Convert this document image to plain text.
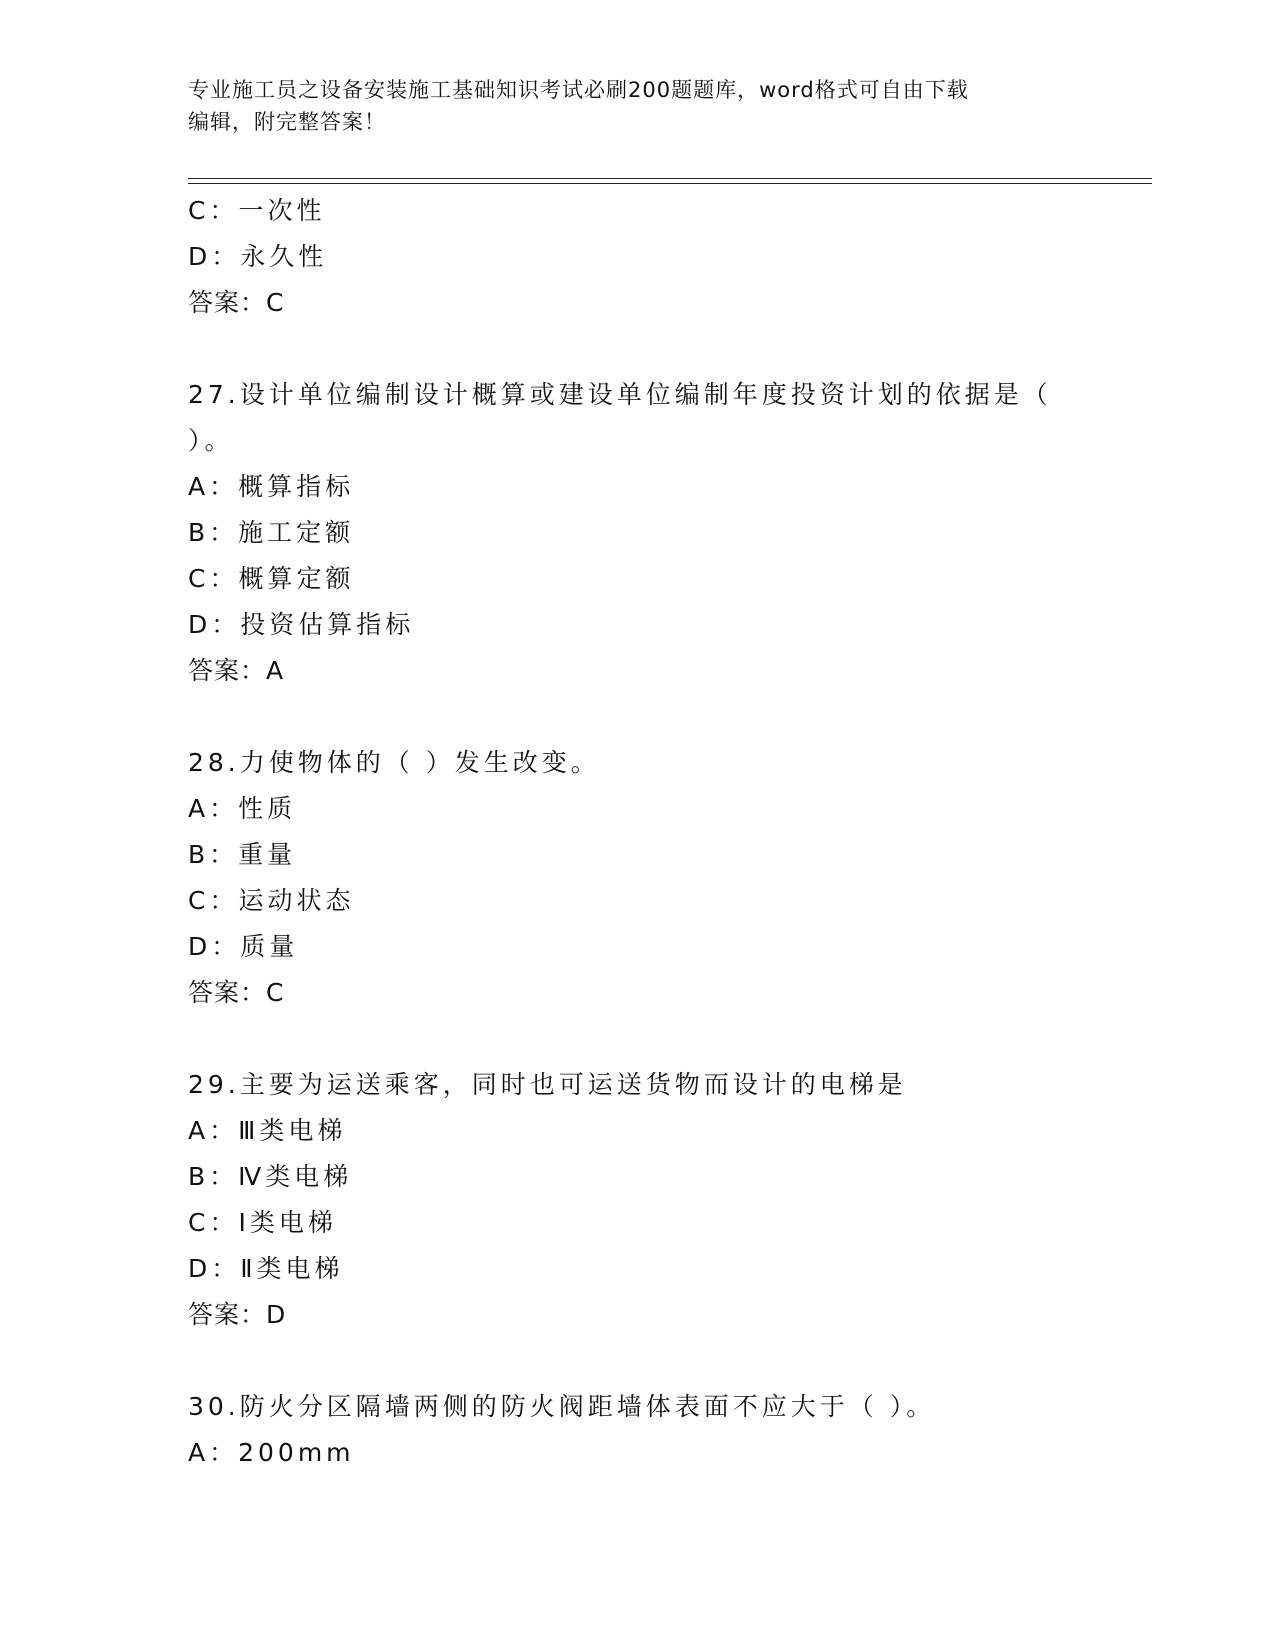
专业施工员之设备安装施工基础知识考试必刷200题题库，word格式可自由下载
编辑，附完整答案！
C：一次性
D：永久性
答案：C
27.设计单位编制设计概算或建设单位编制年度投资计划的依据是（
）。
A：概算指标
B：施工定额
C：概算定额
D：投资估算指标
答案：A
28.力使物体的（ ）发生改变。
A：性质
B：重量
C：运动状态
D：质量
答案：C
29.主要为运送乘客，同时也可运送货物而设计的电梯是
A：Ⅲ类电梯
B：Ⅳ类电梯
C：Ⅰ类电梯
D：Ⅱ类电梯
答案：D
30.防火分区隔墙两侧的防火阀距墙体表面不应大于（ ）。
A：200mm
